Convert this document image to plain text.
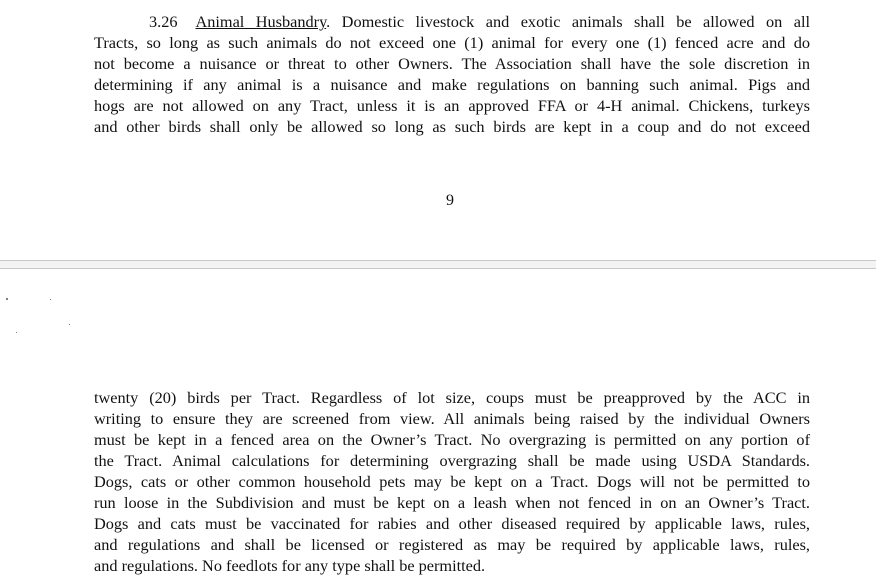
3.26 Animal Husbandry. Domestic livestock and exotic animals shall be allowed on all
Tracts, so long as such animals do not exceed one (1) animal for every one (1) fenced acre and do
not become a nuisance or threat to other Owners. The Association shall have the sole discretion in
determining if any animal is a nuisance and make regulations on banning such animal. Pigs and
hogs are not allowed on any Tract, unless it is an approved FFA or 4-H animal. Chickens, turkeys
and other birds shall only be allowed so long as such birds are kept in a coup and do not exceed
9
twenty (20) birds per Tract. Regardless of lot size, coups must be preapproved by the ACC in
writing to ensure they are screened from view. All animals being raised by the individual Owners
must be kept in a fenced area on the Owner’s Tract. No overgrazing is permitted on any portion of
the Tract. Animal calculations for determining overgrazing shall be made using USDA Standards.
Dogs, cats or other common household pets may be kept on a Tract. Dogs will not be permitted to
run loose in the Subdivision and must be kept on a leash when not fenced in on an Owner’s Tract.
Dogs and cats must be vaccinated for rabies and other diseased required by applicable laws, rules,
and regulations and shall be licensed or registered as may be required by applicable laws, rules,
and regulations. No feedlots for any type shall be permitted.
